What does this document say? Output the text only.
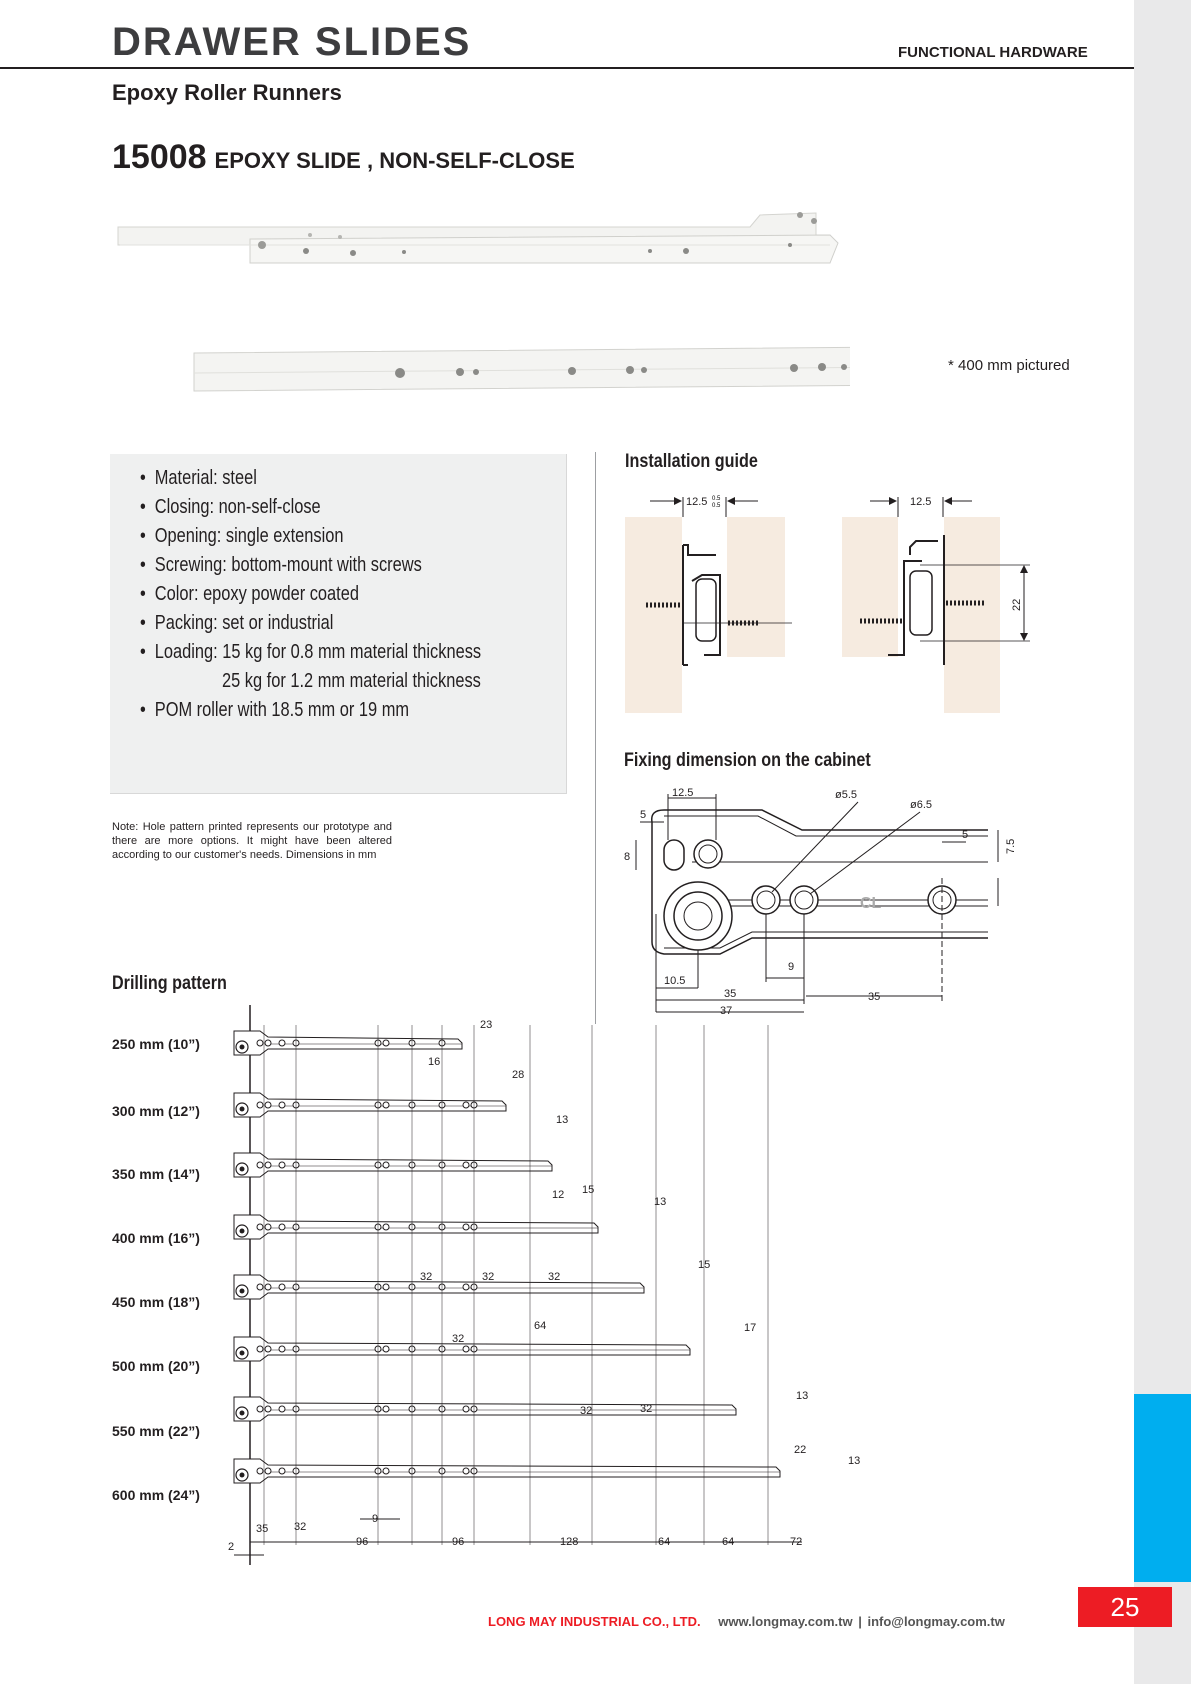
25
DRAWER SLIDES	FUNCTIONAL HARDWARE
Epoxy Roller Runners
15008 EPOXY SLIDE , NON-SELF-CLOSE
* 400 mm pictured
• Material: steel
• Closing: non-self-close
• Opening: single extension
• Screwing: bottom-mount with screws
• Color: epoxy powder coated
• Packing: set or industrial
• Loading: 15 kg for 0.8 mm material thickness
25 kg for 1.2 mm material thickness
• POM roller with 18.5 mm or 19 mm
Note: Hole pattern printed represents our prototype and there are more options. It might have been altered according to our customer's needs. Dimensions in mm
Installation guide
12.5 0.5
0.5	12.5
22
Fixing dimension on the cabinet
CL
12.5
5
ø5.5
ø6.5
5
7.5
8
9
10.5
35
37
35
Drilling pattern
250 mm (10”)
300 mm (12”)
350 mm (14”)
400 mm (16”)
450 mm (18”)
500 mm (20”)
550 mm (22”)
600 mm (24”)
23
16
28
13
12 15
13
32	32	32
15
64
32
17
32	32
13
22
13
9
35 32
2	96	96	128	64	64	72
LONG MAY INDUSTRIAL CO., LTD. www.longmay.com.tw | info@longmay.com.tw
